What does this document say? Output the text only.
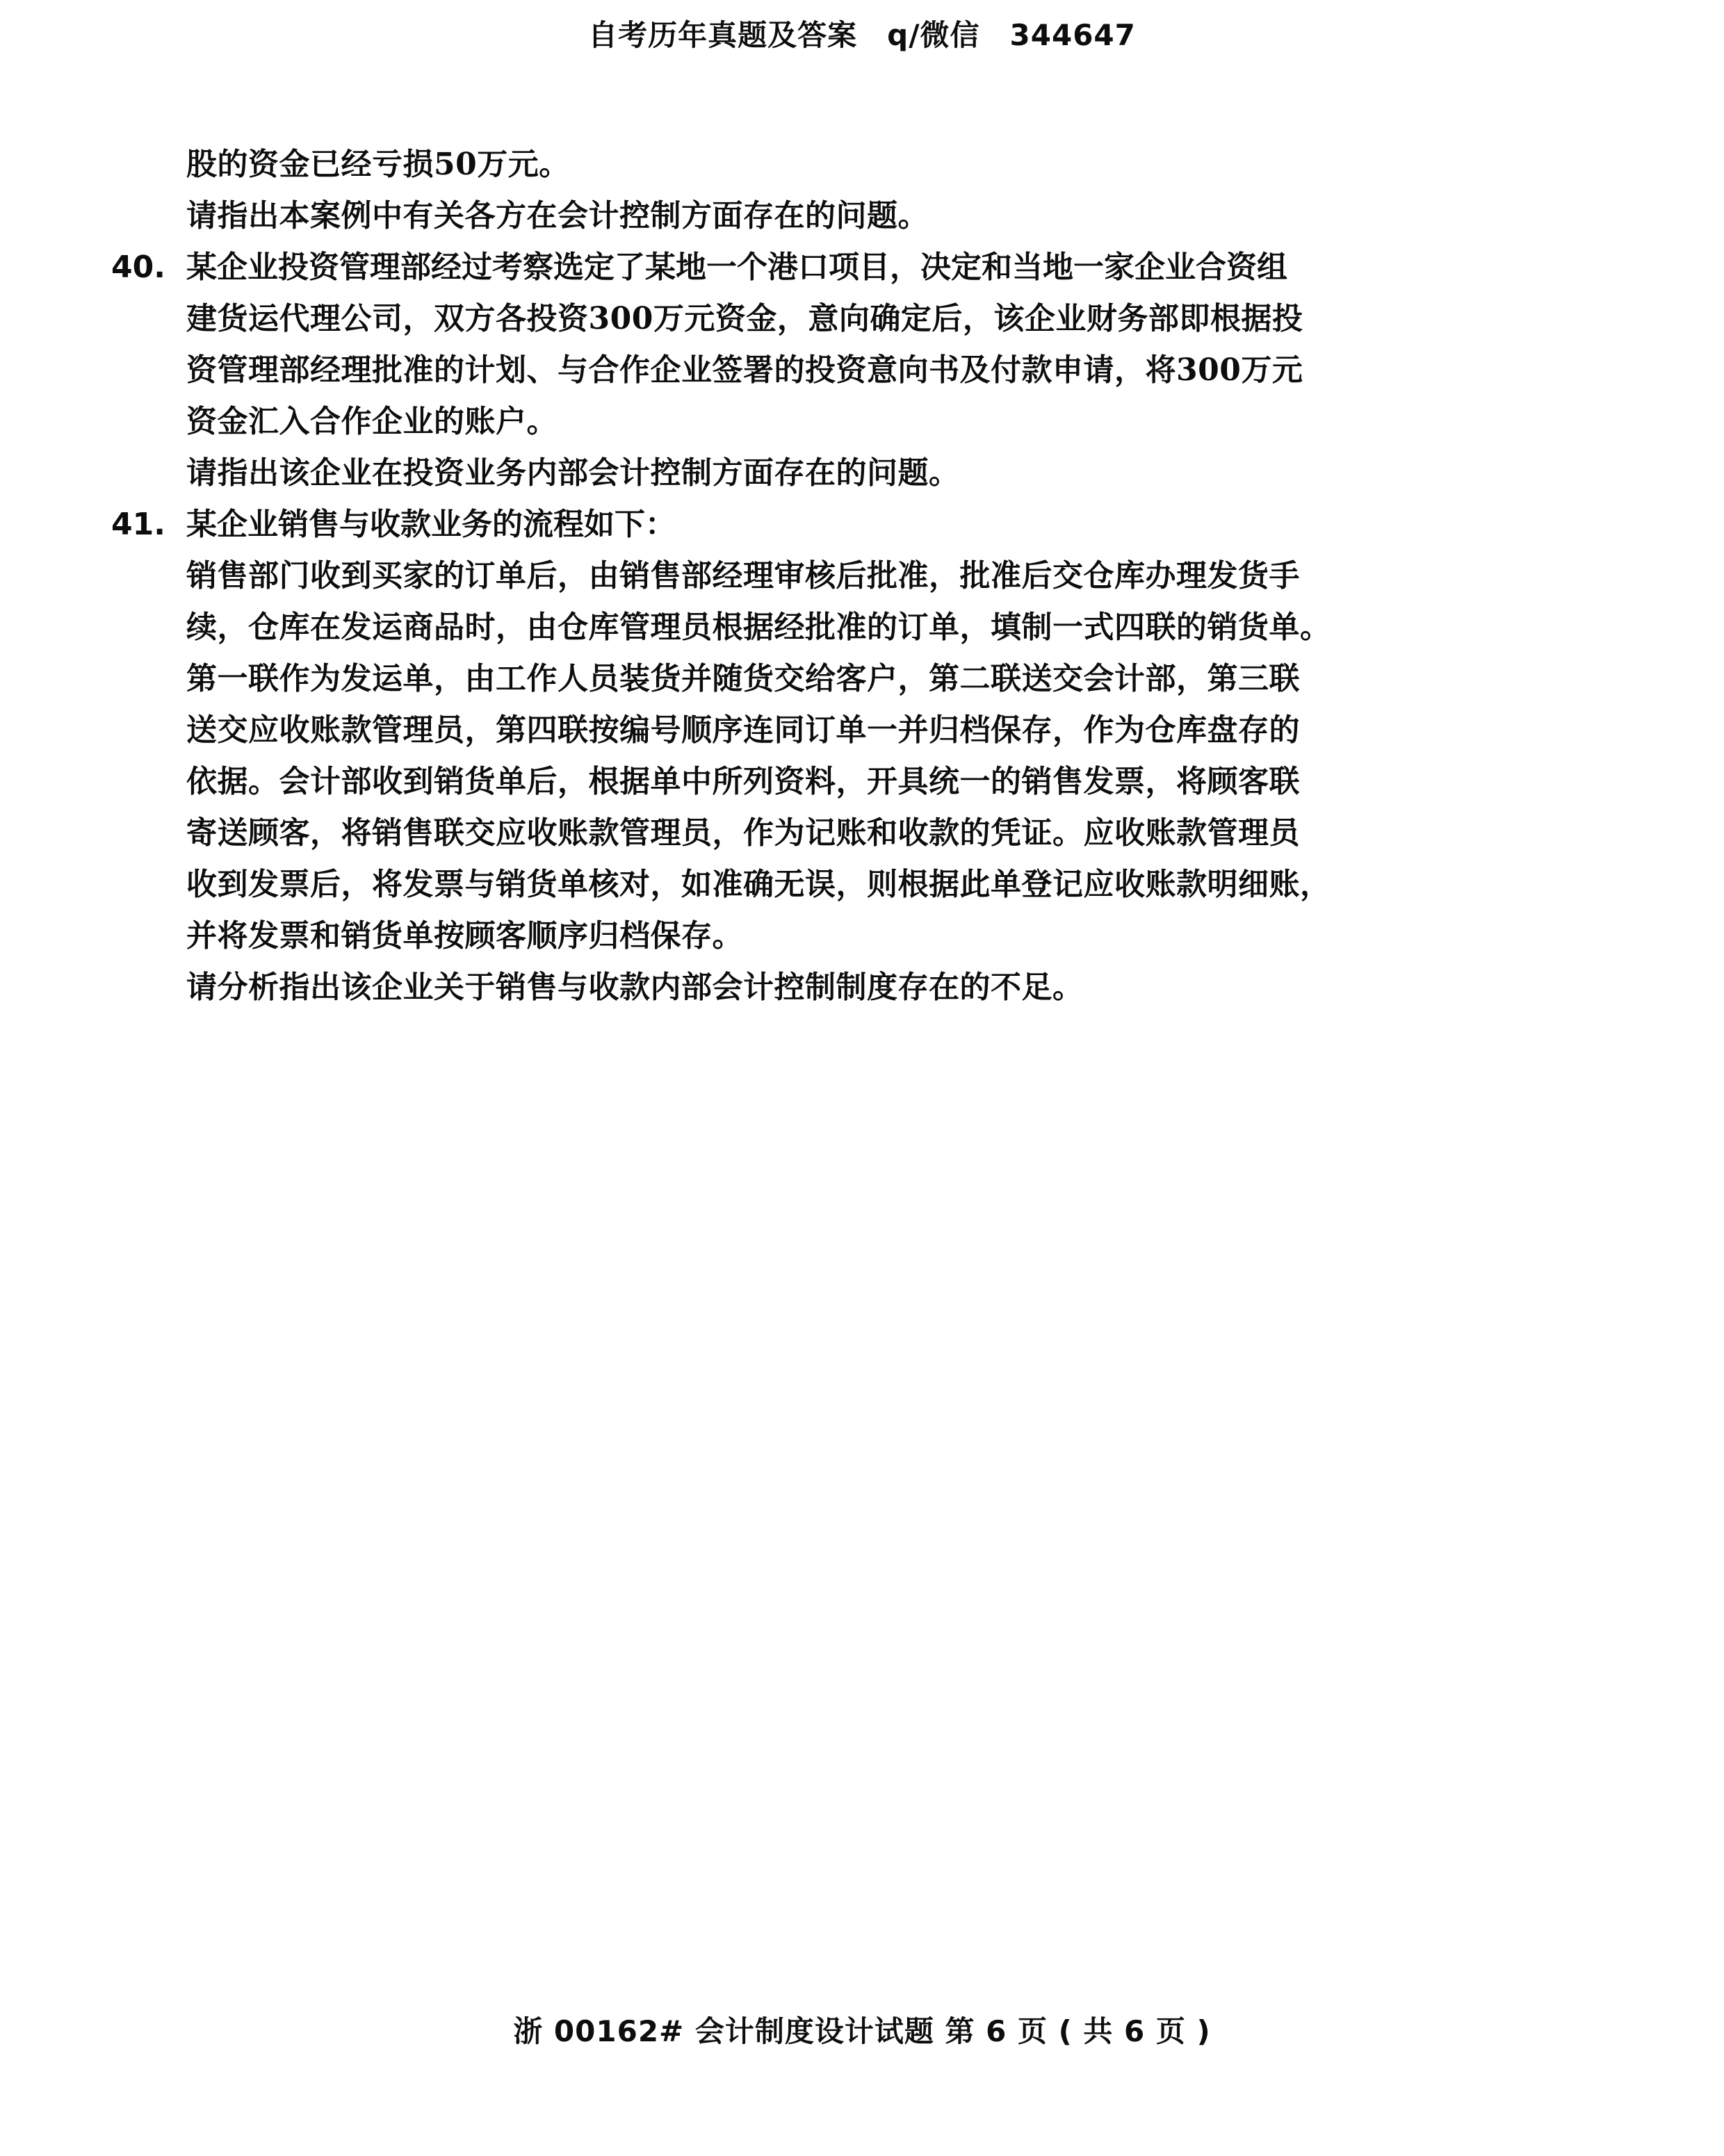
自考历年真题及答案　q/微信　344647
股的资金已经亏损50万元。
请指出本案例中有关各方在会计控制方面存在的问题。
40. 某企业投资管理部经过考察选定了某地一个港口项目，决定和当地一家企业合资组
建货运代理公司，双方各投资300万元资金，意向确定后，该企业财务部即根据投
资管理部经理批准的计划、与合作企业签署的投资意向书及付款申请，将300万元
资金汇入合作企业的账户。
请指出该企业在投资业务内部会计控制方面存在的问题。
41. 某企业销售与收款业务的流程如下：
销售部门收到买家的订单后，由销售部经理审核后批准，批准后交仓库办理发货手
续，仓库在发运商品时，由仓库管理员根据经批准的订单，填制一式四联的销货单。
第一联作为发运单，由工作人员装货并随货交给客户，第二联送交会计部，第三联
送交应收账款管理员，第四联按编号顺序连同订单一并归档保存，作为仓库盘存的
依据。会计部收到销货单后，根据单中所列资料，开具统一的销售发票，将顾客联
寄送顾客，将销售联交应收账款管理员，作为记账和收款的凭证。应收账款管理员
收到发票后，将发票与销货单核对，如准确无误，则根据此单登记应收账款明细账，
并将发票和销货单按顾客顺序归档保存。
请分析指出该企业关于销售与收款内部会计控制制度存在的不足。
浙 00162# 会计制度设计试题 第 6 页 ( 共 6 页 )
